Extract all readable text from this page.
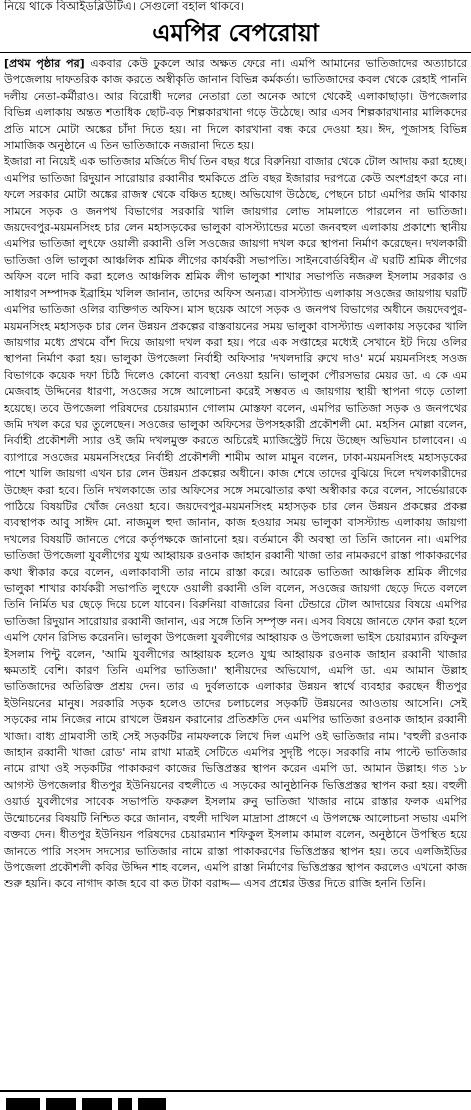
নিয়ে থাকে বিআইডব্লিউটিএ। সেগুলো বহাল থাকবে।
এমপির বেপরোয়া

[প্রথম পৃষ্ঠার পর] একবার কেউ ঢুকলে আর অক্ষত ফেরে না। এমপি আমানের ভাতিজাদের অত্যাচারে উপজেলায় দাফতরিক কাজ করতে অস্বীকৃতি জানান বিভিন্ন কর্মকর্তা। ভাতিজাদের কবল থেকে রেহাই পাননি দলীয় নেতা-কর্মীরাও। আর বিরোধী দলের নেতারা তো অনেক আগে থেকেই এলাকাছাড়া। উপজেলার বিভিন্ন এলাকায় অন্তত শতাধিক ছোট-বড় শিল্পকারখানা গড়ে উঠেছে। আর এসব শিল্পকারখানার মালিকদের প্রতি মাসে মোটা অঙ্কের চাঁদা দিতে হয়। না দিলে কারখানা বন্ধ করে দেওয়া হয়। ঈদ, পূজাসহ বিভিন্ন সামাজিক অনুষ্ঠানে এ তিন ভাতিজাকে নজরানা দিতে হয়।

ইজারা না নিয়েই এক ভাতিজার মর্জিতে দীর্ঘ তিন বছর ধরে বিরুনিয়া বাজার থেকে টোল আদায় করা হচ্ছে। এমপির ভাতিজা রিদুয়ান সারোয়ার রব্বানীর হুমকিতে প্রতি বছর ইজারার দরপত্রে কেউ অংশগ্রহণ করে না। ফলে সরকার মোটা অঙ্কের রাজস্ব থেকে বঞ্চিত হচ্ছে। অভিযোগ উঠেছে, পেছনে চাচা এমপির জমি থাকায় সামনে সড়ক ও জনপথ বিভাগের সরকারি খালি জায়গার লোভ সামলাতে পারলেন না ভাতিজা। জয়দেবপুর-ময়মনসিংহ চার লেন মহাসড়কের ভালুকা বাসস্ট্যান্ডের মতো জনবহুল এলাকায় প্রকাশ্যে স্থানীয় এমপির ভাতিজা লুৎফে ওয়ালী রব্বানী ওলি সওজের জায়গা দখল করে স্থাপনা নির্মাণ করেছেন। দখলকারী ভাতিজা ওলি ভালুকা আঞ্চলিক শ্রমিক লীগের কার্যকরী সভাপতি। সাইনবোর্ডবিহীন ঐ ঘরটি শ্রমিক লীগের অফিস বলে দাবি করা হলেও আঞ্চলিক শ্রমিক লীগ ভালুকা শাখার সভাপতি নজরুল ইসলাম সরকার ও সাধারণ সম্পাদক ইব্রাহিম খলিল জানান, তাদের অফিস অন্যত্র। বাসস্ট্যান্ড এলাকায় সওজের জায়গায় ঘরটি এমপির ভাতিজা ওলির ব্যক্তিগত অফিস। মাস ছয়েক আগে সড়ক ও জনপথ বিভাগের অধীনে জয়দেবপুর-ময়মনসিংহ মহাসড়ক চার লেন উন্নয়ন প্রকল্পের বাস্তবায়নের সময় ভালুকা বাসস্ট্যান্ড এলাকায় সড়কের খালি জায়গার মধ্যে প্রথমে বাঁশ দিয়ে জায়গা দখল করা হয়। পরে এক সপ্তাহের মধ্যেই সেখানে ইট দিয়ে ওলির স্থাপনা নির্মাণ করা হয়। ভালুকা উপজেলা নির্বাহী অফিসার 'দখলদারি রুখে দাও' মর্মে ময়মনসিংহ সওজ বিভাগকে কয়েক দফা চিঠি দিলেও কোনো ব্যবস্থা নেওয়া হয়নি। ভালুকা পৌরসভার মেয়র ডা. এ কে এম মেজবাহ উদ্দিনের ধারণা, সওজের সঙ্গে আলোচনা করেই সম্ভবত এ জায়গায় স্থায়ী স্থাপনা গড়ে তোলা হয়েছে। তবে উপজেলা পরিষদের চেয়ারম্যান গোলাম মোস্তফা বলেন, এমপির ভাতিজা সড়ক ও জনপথের জমি দখল করে ঘর তুলেছেন। সওজের ভালুকা অফিসের উপসহকারী প্রকৌশলী মো. মহসিন মোল্লা বলেন, নির্বাহী প্রকৌশলী স্যার ওই জমি দখলমুক্ত করতে অচিরেই ম্যাজিস্ট্রেট দিয়ে উচ্ছেদ অভিযান চালাবেন। এ ব্যাপারে সওজের ময়মনসিংহের নির্বাহী প্রকৌশলী শামীম আল মামুন বলেন, ঢাকা-ময়মনসিংহ মহাসড়কের পাশে খালি জায়গা এখন চার লেন উন্নয়ন প্রকল্পের অধীনে। কাজ শেষে তাদের বুঝিয়ে দিলে দখলকারীদের উচ্ছেদ করা হবে। তিনি দখলকাজে তার অফিসের সঙ্গে সমঝোতার কথা অস্বীকার করে বলেন, সার্ভেয়ারকে পাঠিয়ে বিষয়টির খোঁজ নেওয়া হবে। জয়দেবপুর-ময়মনসিংহ মহাসড়ক চার লেন উন্নয়ন প্রকল্পের প্রকল্প ব্যবস্থাপক আবু সাঈদ মো. নাজমুল হুদা জানান, কাজ হওয়ার সময় ভালুকা বাসস্ট্যান্ড এলাকায় জায়গা দখলের বিষয়টি জানতে পেরে কর্তৃপক্ষকে জানানো হয়। বর্তমানে কী অবস্থা তা তিনি জানেন না। এমপির ভাতিজা উপজেলা যুবলীগের যুগ্ম আহ্বায়ক রওনাক জাহান রব্বানী খাজা তার নামকরণে রাস্তা পাকাকরণের কথা স্বীকার করে বলেন, এলাকাবাসী তার নামে রাস্তা করে। আরেক ভাতিজা আঞ্চলিক শ্রমিক লীগের ভালুকা শাখার কার্যকরী সভাপতি লুৎফে ওয়ালী রব্বানী ওলি বলেন, সওজের জায়গা ছেড়ে দিতে বললে তিনি নির্মিত ঘর ছেড়ে দিয়ে চলে যাবেন। বিরুনিয়া বাজারের বিনা টেন্ডারে টোল আদায়ের বিষয়ে এমপির ভাতিজা রিদুয়ান সারোয়ার রব্বানী জানান, এর সঙ্গে তিনি সম্পৃক্ত নন। এসব বিষয়ে জানতে ফোন করা হলে এমপি ফোন রিসিভ করেননি। ভালুকা উপজেলা যুবলীগের আহ্বায়ক ও উপজেলা ভাইস চেয়ারম্যান রফিকুল ইসলাম পিন্টু বলেন, 'আমি যুবলীগের আহ্বায়ক হলেও যুগ্ম আহ্বায়ক রওনাক জাহান রব্বানী খাজার ক্ষমতাই বেশি। কারণ তিনি এমপির ভাতিজা।' স্থানীয়দের অভিযোগ, এমপি ডা. এম আমান উল্লাহ ভাতিজাদের অতিরিক্ত প্রশ্রয় দেন। তার এ দুর্বলতাকে এলাকার উন্নয়ন স্বার্থে ব্যবহার করছেন ধীতপুর ইউনিয়নের মানুষ। সরকারি সড়ক হলেও তাদের চলাচলের সড়কটি উন্নয়নের আওতায় আসেনি। সেই সড়কের নাম নিজের নামে রাখলে উন্নয়ন করানোর প্রতিশ্রুতি দেন এমপির ভাতিজা রওনাক জাহান রব্বানী খাজা। বাধ্য গ্রামবাসী তাই সেই সড়কটির নামফলকে লিখে দিল এমপি ওই ভাতিজার নাম। 'বহুলী রওনাক জাহান রব্বানী খাজা রোড' নাম রাখা মাত্রই সেটিতে এমপির সুদৃষ্টি পড়ে। সরকারি নাম পাল্টে ভাতিজার নামে রাখা ওই সড়কটির পাকাকরণ কাজের ভিত্তিপ্রস্তর স্থাপন করেন এমপি ডা. আমান উল্লাহ। গত ১৮ আগস্ট উপজেলার ধীতপুর ইউনিয়নের বহুলীতে এ সড়কের আনুষ্ঠানিক ভিত্তিপ্রস্তর স্থাপন করা হয়। বহুলী ওয়ার্ড যুবলীগের সাবেক সভাপতি ফকরুল ইসলাম রুনু ভাতিজা খাজার নামে রাস্তার ফলক এমপির উন্মোচনের বিষয়টি নিশ্চিত করে জানান, বহুলী দাখিল মাদ্রাসা প্রাঙ্গণে এ উপলক্ষে আলোচনা সভায় এমপি বক্তব্য দেন। ধীতপুর ইউনিয়ন পরিষদের চেয়ারম্যান শফিকুল ইসলাম কামাল বলেন, অনুষ্ঠানে উপস্থিত হয়ে জানতে পারি সংসদ সদস্যের ভাতিজার নামে রাস্তা পাকাকরণের ভিত্তিপ্রস্তর স্থাপন হয়। তবে এলজিইডির উপজেলা প্রকৌশলী কবির উদ্দিন শাহ বলেন, এমপি রাস্তা নির্মাণের ভিত্তিপ্রস্তর স্থাপন করলেও এখনো কাজ শুরু হয়নি। কবে নাগাদ কাজ হবে বা কত টাকা বরাদ্দ— এসব প্রশ্নের উত্তর দিতে রাজি হননি তিনি।
